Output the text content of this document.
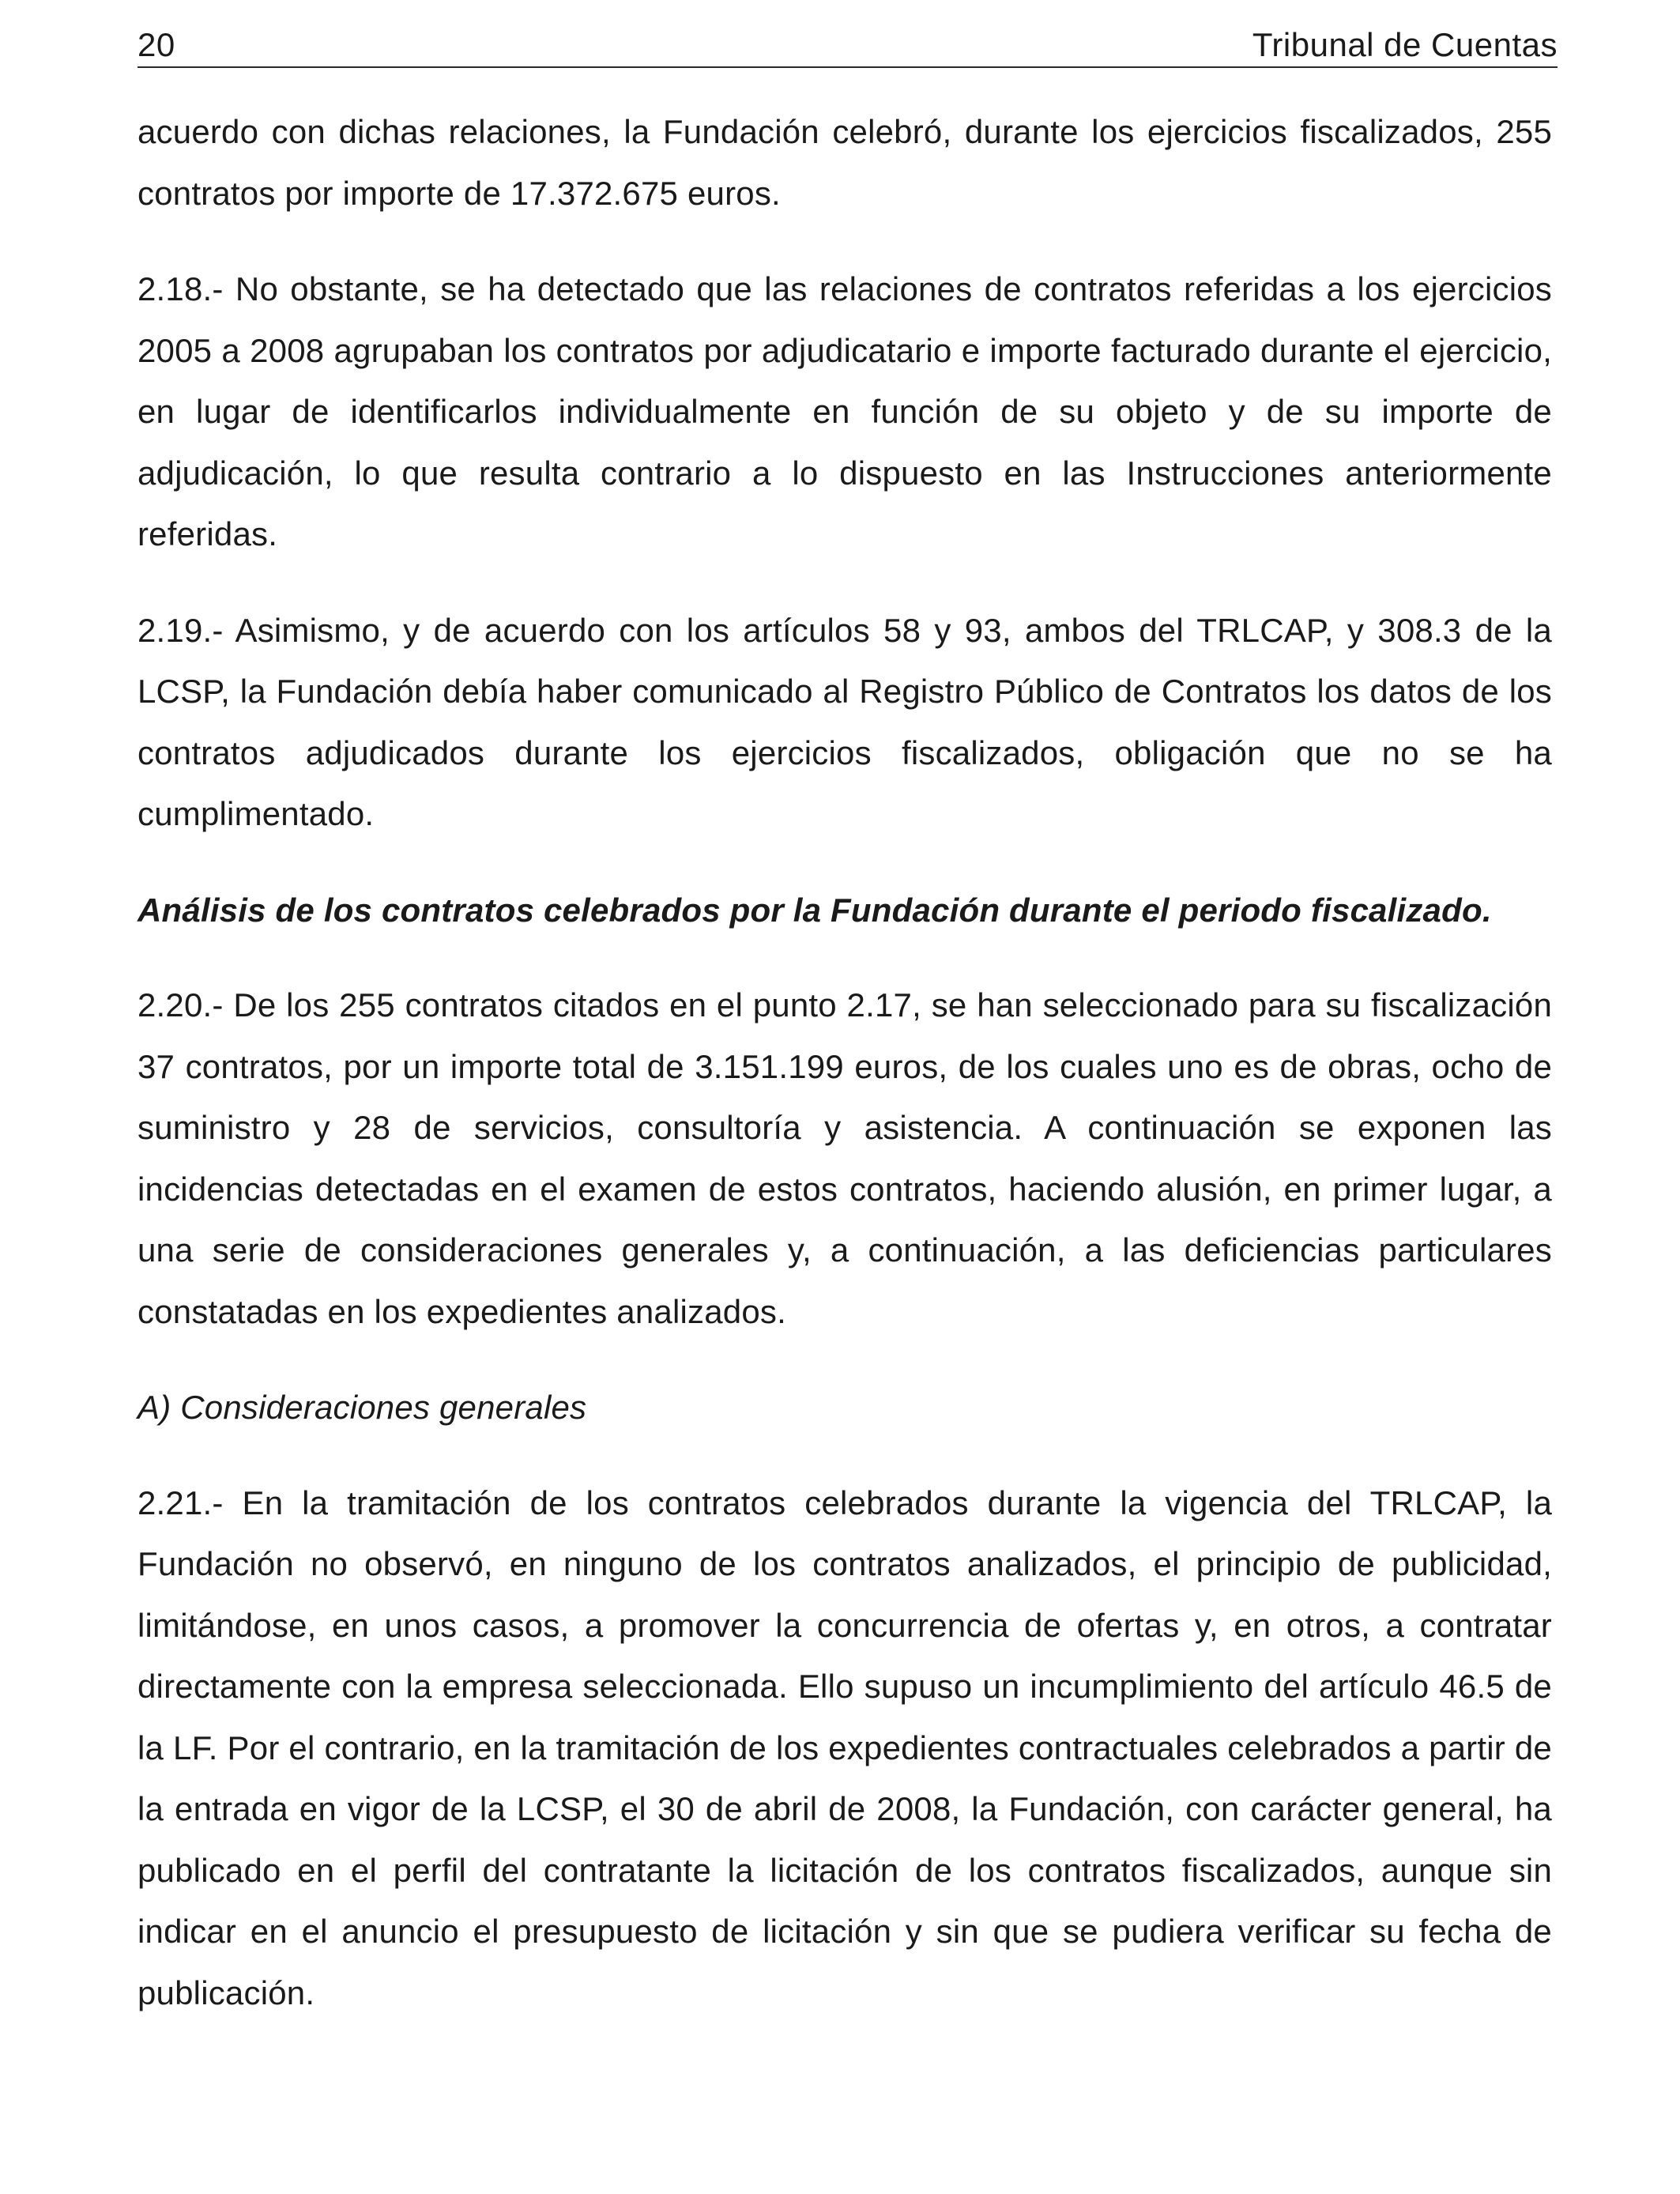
20	Tribunal de Cuentas

acuerdo con dichas relaciones, la Fundación celebró, durante los ejercicios fiscalizados, 255 contratos por importe de 17.372.675 euros.

2.18.- No obstante, se ha detectado que las relaciones de contratos referidas a los ejercicios 2005 a 2008 agrupaban los contratos por adjudicatario e importe facturado durante el ejercicio, en lugar de identificarlos individualmente en función de su objeto y de su importe de adjudicación, lo que resulta contrario a lo dispuesto en las Instrucciones anteriormente referidas.

2.19.- Asimismo, y de acuerdo con los artículos 58 y 93, ambos del TRLCAP, y 308.3 de la LCSP, la Fundación debía haber comunicado al Registro Público de Contratos los datos de los contratos adjudicados durante los ejercicios fiscalizados, obligación que no se ha cumplimentado.

Análisis de los contratos celebrados por la Fundación durante el periodo fiscalizado.

2.20.- De los 255 contratos citados en el punto 2.17, se han seleccionado para su fiscalización 37 contratos, por un importe total de 3.151.199 euros, de los cuales uno es de obras, ocho de suministro y 28 de servicios, consultoría y asistencia. A continuación se exponen las incidencias detectadas en el examen de estos contratos, haciendo alusión, en primer lugar, a una serie de consideraciones generales y, a continuación, a las deficiencias particulares constatadas en los expedientes analizados.

A) Consideraciones generales

2.21.- En la tramitación de los contratos celebrados durante la vigencia del TRLCAP, la Fundación no observó, en ninguno de los contratos analizados, el principio de publicidad, limitándose, en unos casos, a promover la concurrencia de ofertas y, en otros, a contratar directamente con la empresa seleccionada. Ello supuso un incumplimiento del artículo 46.5 de la LF. Por el contrario, en la tramitación de los expedientes contractuales celebrados a partir de la entrada en vigor de la LCSP, el 30 de abril de 2008, la Fundación, con carácter general, ha publicado en el perfil del contratante la licitación de los contratos fiscalizados, aunque sin indicar en el anuncio el presupuesto de licitación y sin que se pudiera verificar su fecha de publicación.
